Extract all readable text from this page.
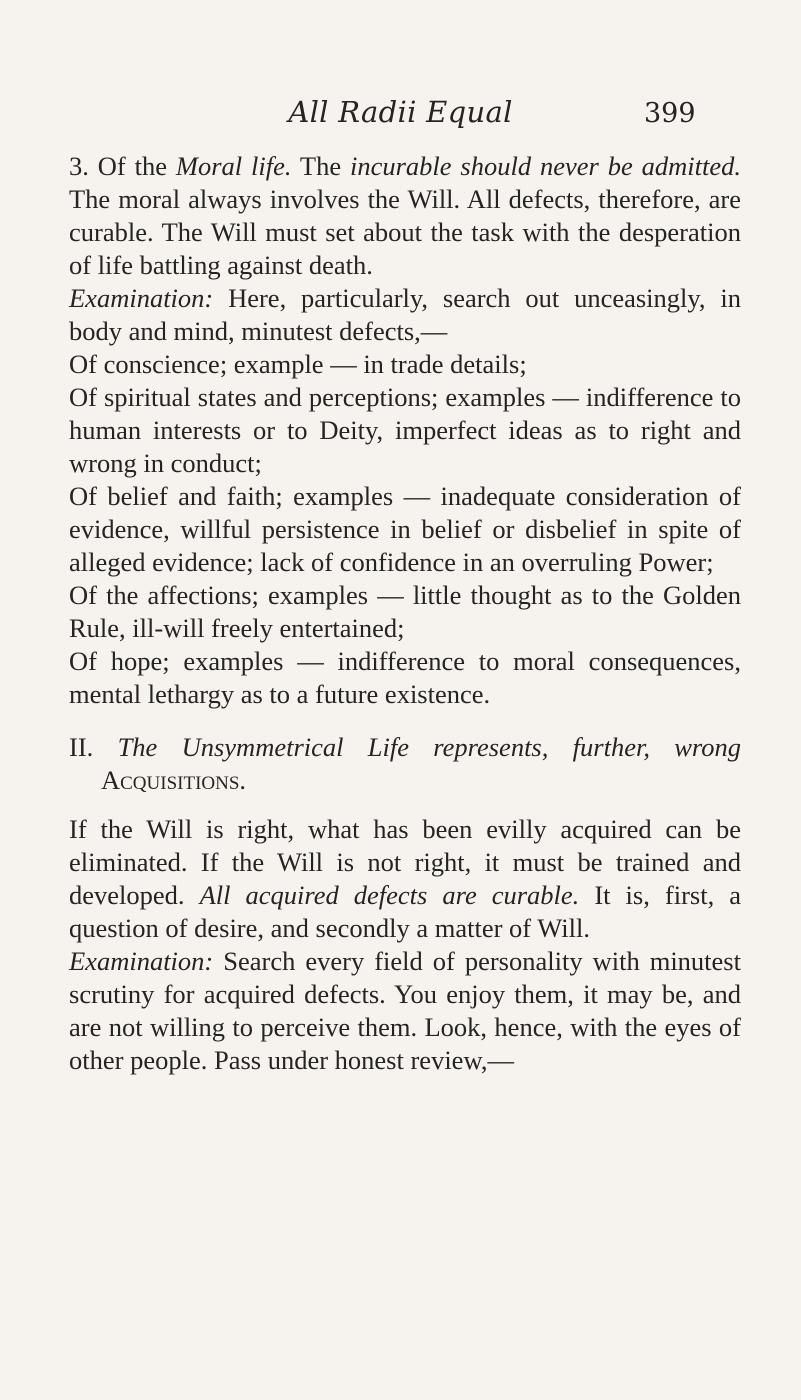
All Radii Equal	399

3. Of the Moral life. The incurable should never be admitted. The moral always involves the Will. All defects, therefore, are curable. The Will must set about the task with the desperation of life battling against death.

Examination: Here, particularly, search out unceasingly, in body and mind, minutest defects,—

Of conscience; example — in trade details;

Of spiritual states and perceptions; examples — indifference to human interests or to Deity, imperfect ideas as to right and wrong in conduct;

Of belief and faith; examples — inadequate consideration of evidence, willful persistence in belief or disbelief in spite of alleged evidence; lack of confidence in an overruling Power;

Of the affections; examples — little thought as to the Golden Rule, ill-will freely entertained;

Of hope; examples — indifference to moral consequences, mental lethargy as to a future existence.

II. The Unsymmetrical Life represents, further, wrong Acquisitions.

If the Will is right, what has been evilly acquired can be eliminated. If the Will is not right, it must be trained and developed. All acquired defects are curable. It is, first, a question of desire, and secondly a matter of Will.

Examination: Search every field of personality with minutest scrutiny for acquired defects. You enjoy them, it may be, and are not willing to perceive them. Look, hence, with the eyes of other people. Pass under honest review,—
